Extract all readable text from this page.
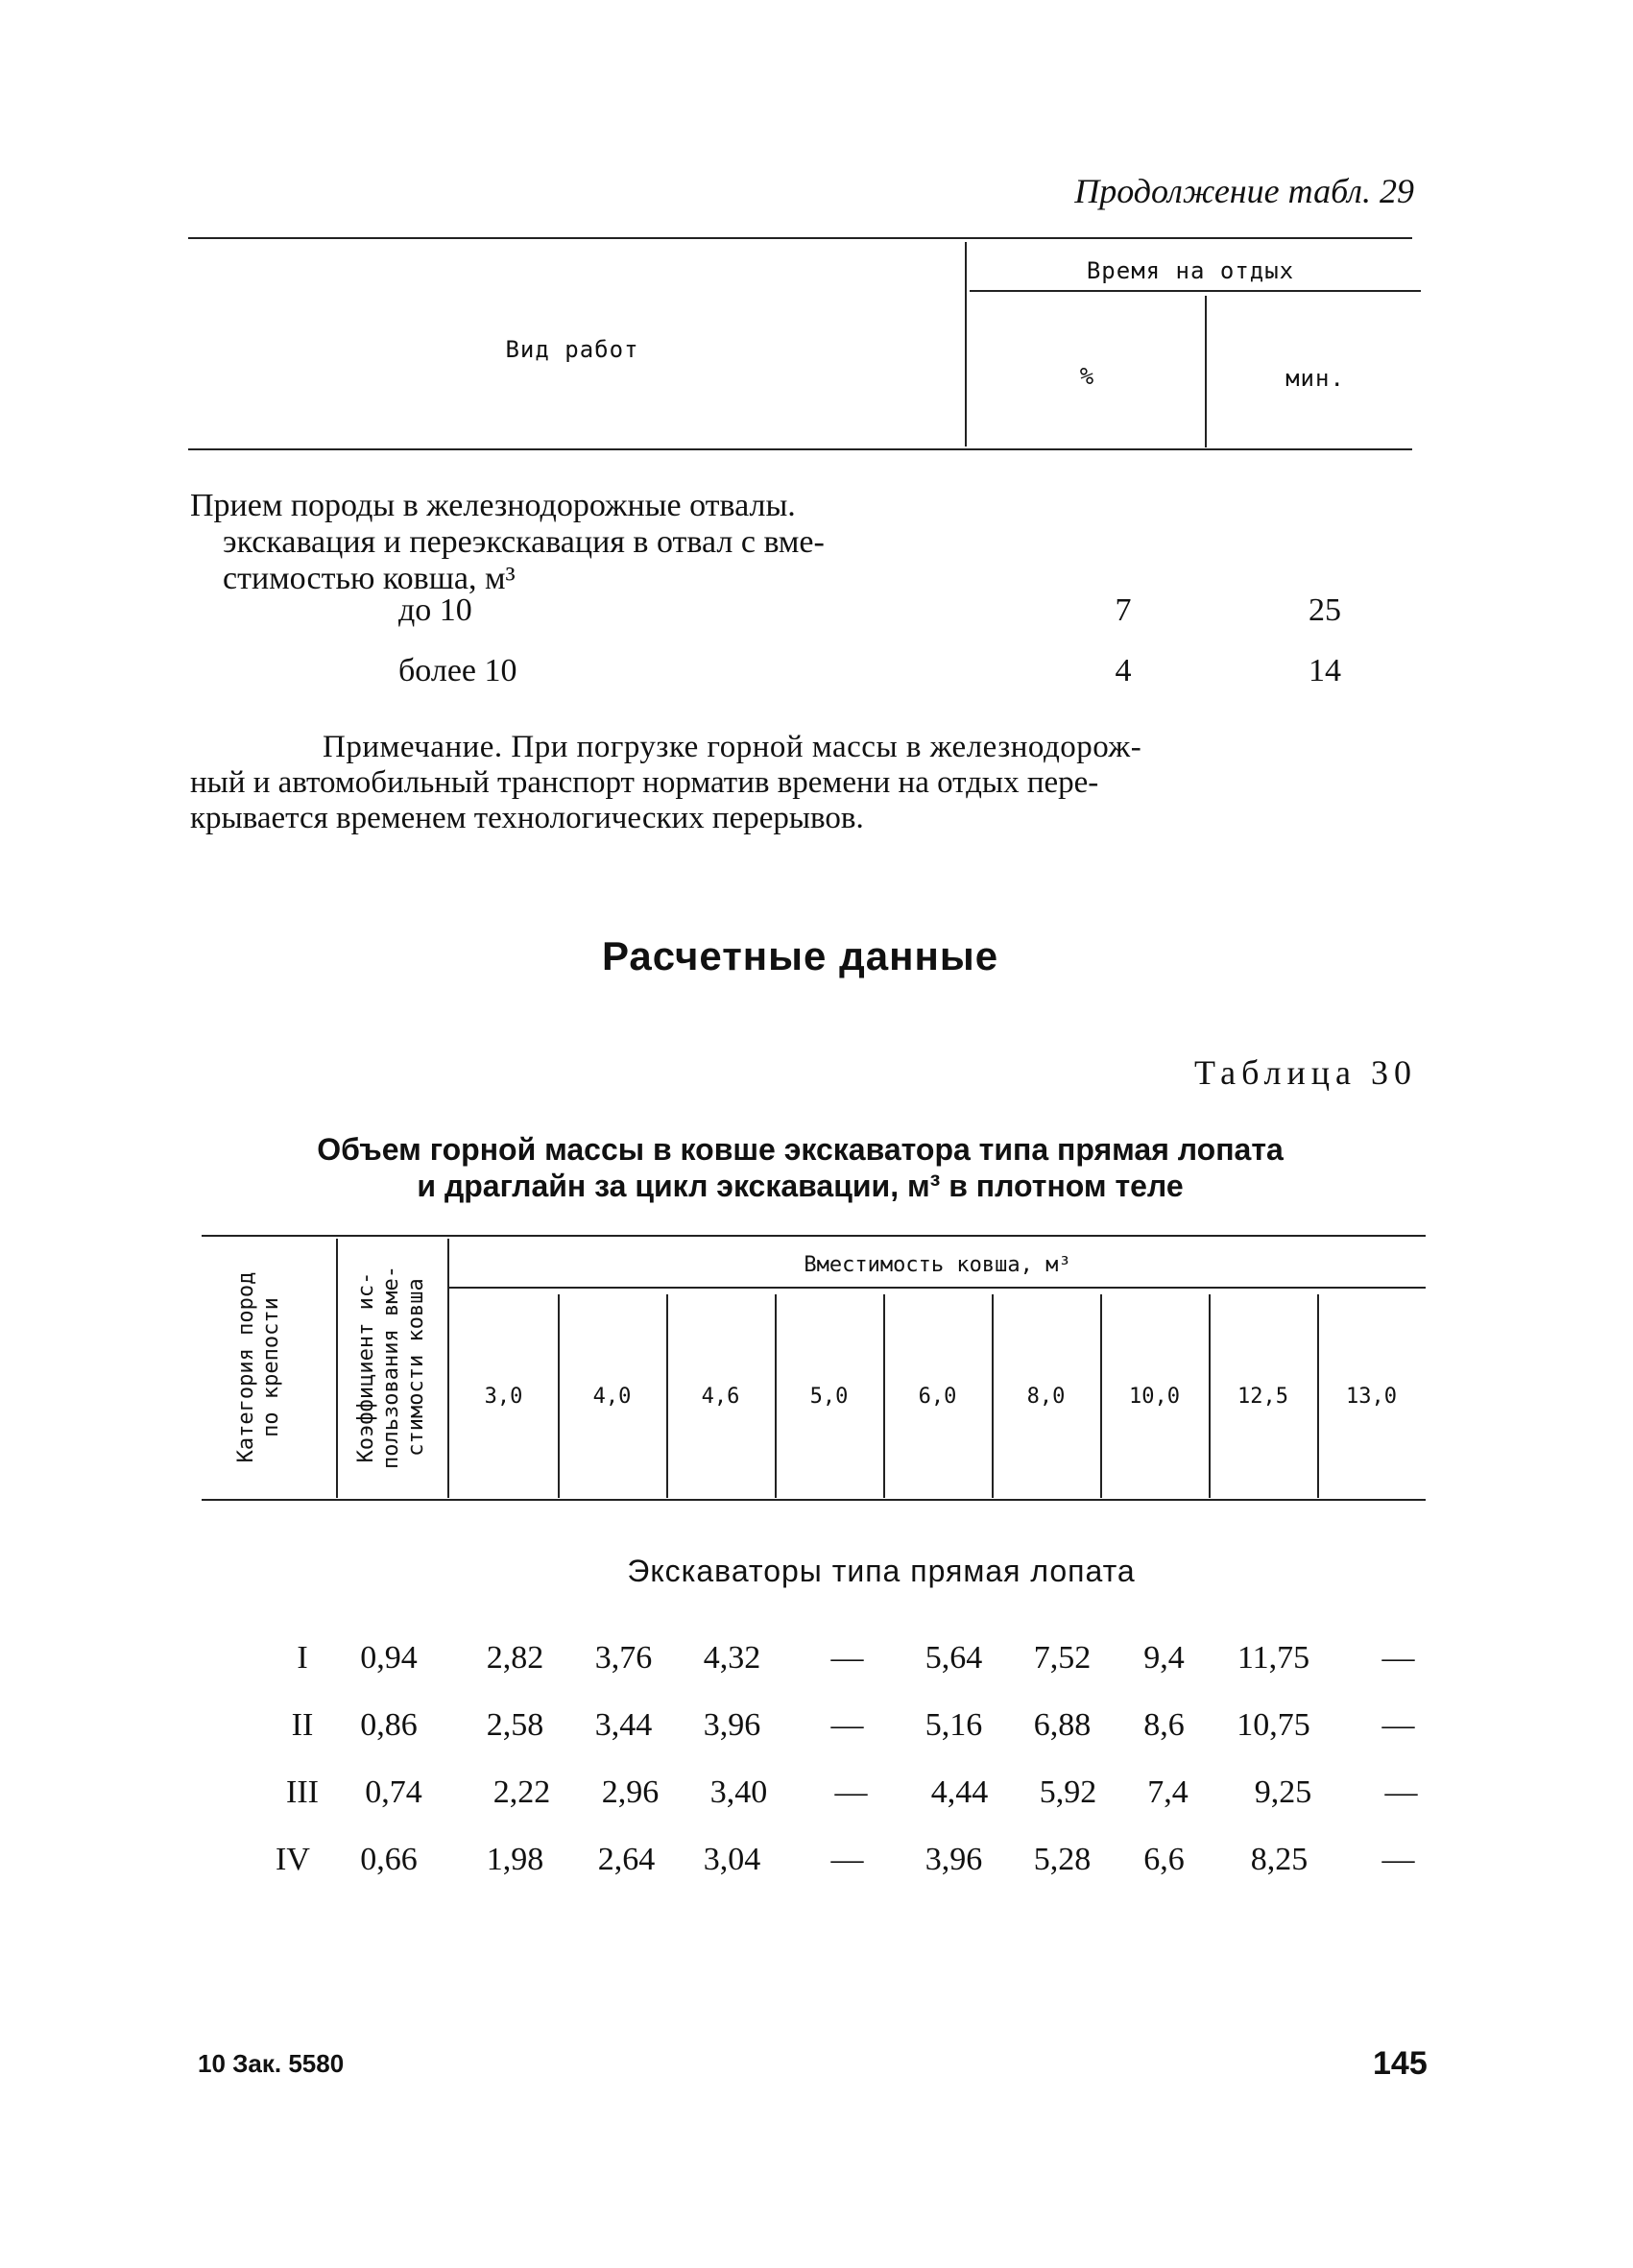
Продолжение табл. 29
Время на отдых
Вид работ
%	мин.
Прием породы в железнодорожные отвалы.
экскавация и переэкскавация в отвал с вме-
стимостью ковша, м³
до 10	7	25
более 10	4	14
Примечание. При погрузке горной массы в железнодорож-
ный и автомобильный транспорт норматив времени на отдых пере-
крывается временем технологических перерывов.
Расчетные данные
Таблица 30
Объем горной массы в ковше экскаватора типа прямая лопата
и драглайн за цикл экскавации, м³ в плотном теле
Категория пород по крепости	Коэффициент ис- пользования вме- стимости ковша
Вместимость ковша, м³
3,0	4,0	4,6	5,0	6,0	8,0	10,0	12,5	13,0
Экскаваторы типа прямая лопата
I	0,94	2,82	3,76	4,32	—	5,64	7,52	9,4	11,75	—
II	0,86	2,58	3,44	3,96	—	5,16	6,88	8,6	10,75	—
III	0,74	2,22	2,96	3,40	—	4,44	5,92	7,4	9,25	—
IV	0,66	1,98	2,64	3,04	—	3,96	5,28	6,6	8,25	—
10 Зак. 5580	145
